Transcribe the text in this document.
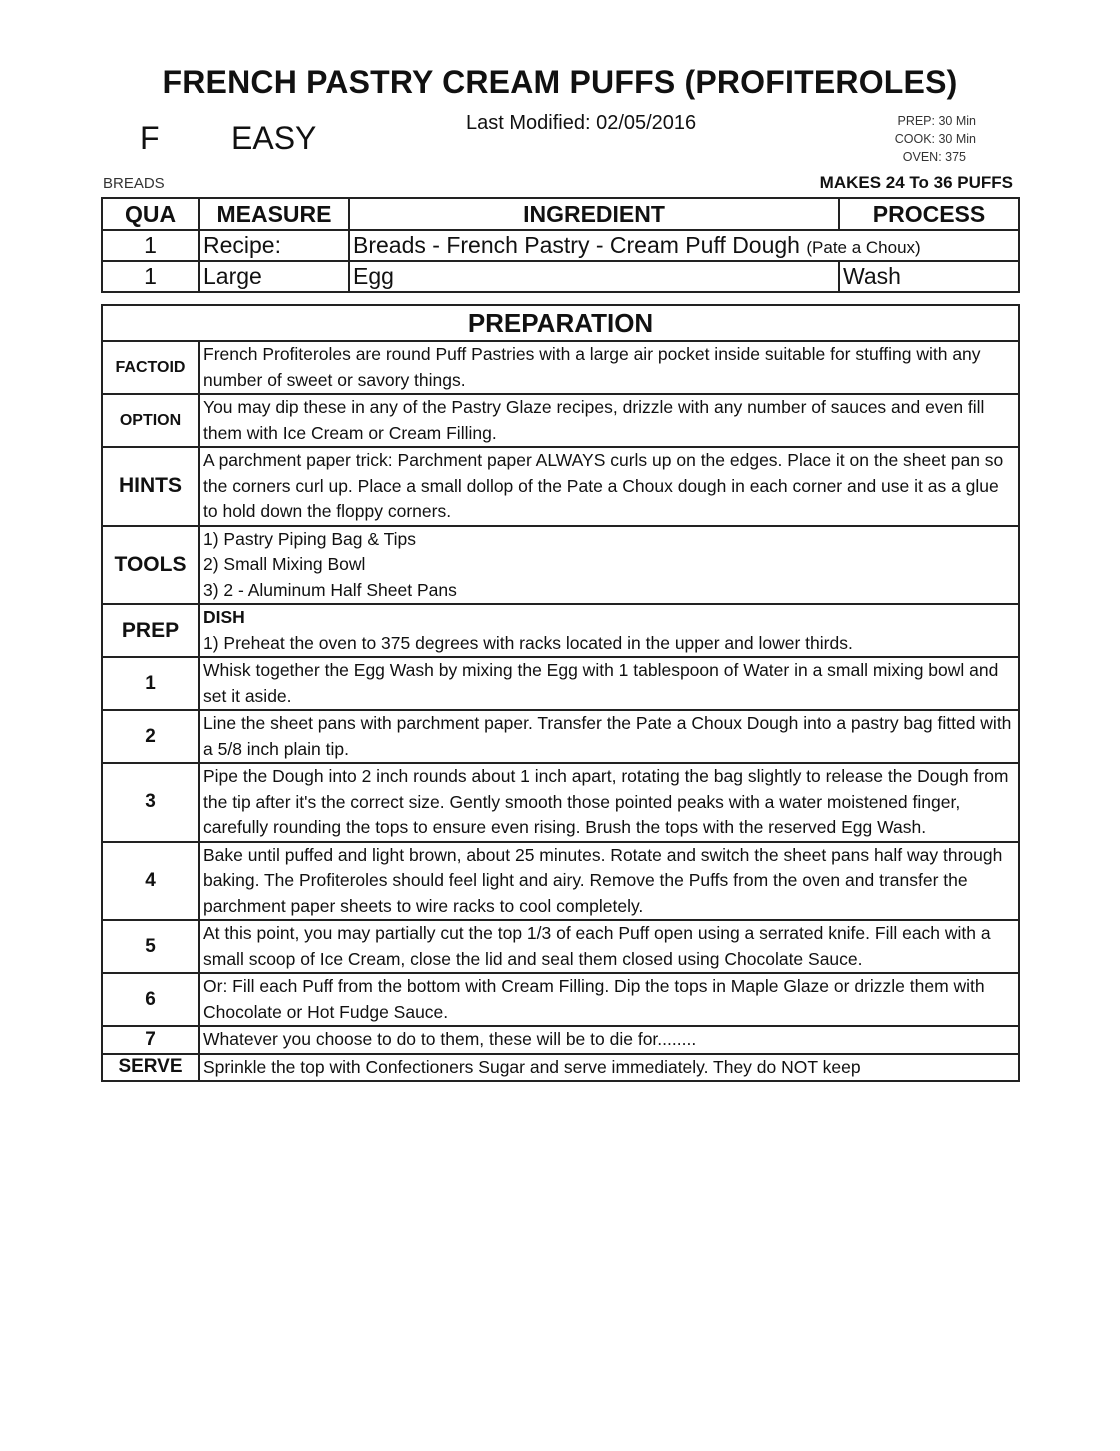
FRENCH PASTRY CREAM PUFFS (PROFITEROLES)
F EASY	Last Modified: 02/05/2016	PREP: 30 Min
COOK: 30 Min
OVEN: 375
BREADS	MAKES 24 To 36 PUFFS
QUA	MEASURE	INGREDIENT	PROCESS
1	Recipe:	Breads - French Pastry - Cream Puff Dough (Pate a Choux)	
1	Large	Egg	Wash
PREPARATION	
FACTOID	French Profiteroles are round Puff Pastries with a large air pocket inside suitable for stuffing with any number of sweet or savory things.
OPTION	You may dip these in any of the Pastry Glaze recipes, drizzle with any number of sauces and even fill them with Ice Cream or Cream Filling.
HINTS	A parchment paper trick: Parchment paper ALWAYS curls up on the edges. Place it on the sheet pan so the corners curl up. Place a small dollop of the Pate a Choux dough in each corner and use it as a glue to hold down the floppy corners.
TOOLS	1) Pastry Piping Bag & Tips
2) Small Mixing Bowl
3) 2 - Aluminum Half Sheet Pans

PREP	DISH
1) Preheat the oven to 375 degrees with racks located in the upper and lower thirds.

1	Whisk together the Egg Wash by mixing the Egg with 1 tablespoon of Water in a small mixing bowl and set it aside.
2	Line the sheet pans with parchment paper. Transfer the Pate a Choux Dough into a pastry bag fitted with a 5/8 inch plain tip.
3	Pipe the Dough into 2 inch rounds about 1 inch apart, rotating the bag slightly to release the Dough from the tip after it's the correct size. Gently smooth those pointed peaks with a water moistened finger, carefully rounding the tops to ensure even rising. Brush the tops with the reserved Egg Wash.
4	Bake until puffed and light brown, about 25 minutes. Rotate and switch the sheet pans half way through baking. The Profiteroles should feel light and airy. Remove the Puffs from the oven and transfer the parchment paper sheets to wire racks to cool completely.
5	At this point, you may partially cut the top 1/3 of each Puff open using a serrated knife. Fill each with a small scoop of Ice Cream, close the lid and seal them closed using Chocolate Sauce.
6	Or: Fill each Puff from the bottom with Cream Filling. Dip the tops in Maple Glaze or drizzle them with Chocolate or Hot Fudge Sauce.
7	Whatever you choose to do to them, these will be to die for........
SERVE	Sprinkle the top with Confectioners Sugar and serve immediately. They do NOT keep
